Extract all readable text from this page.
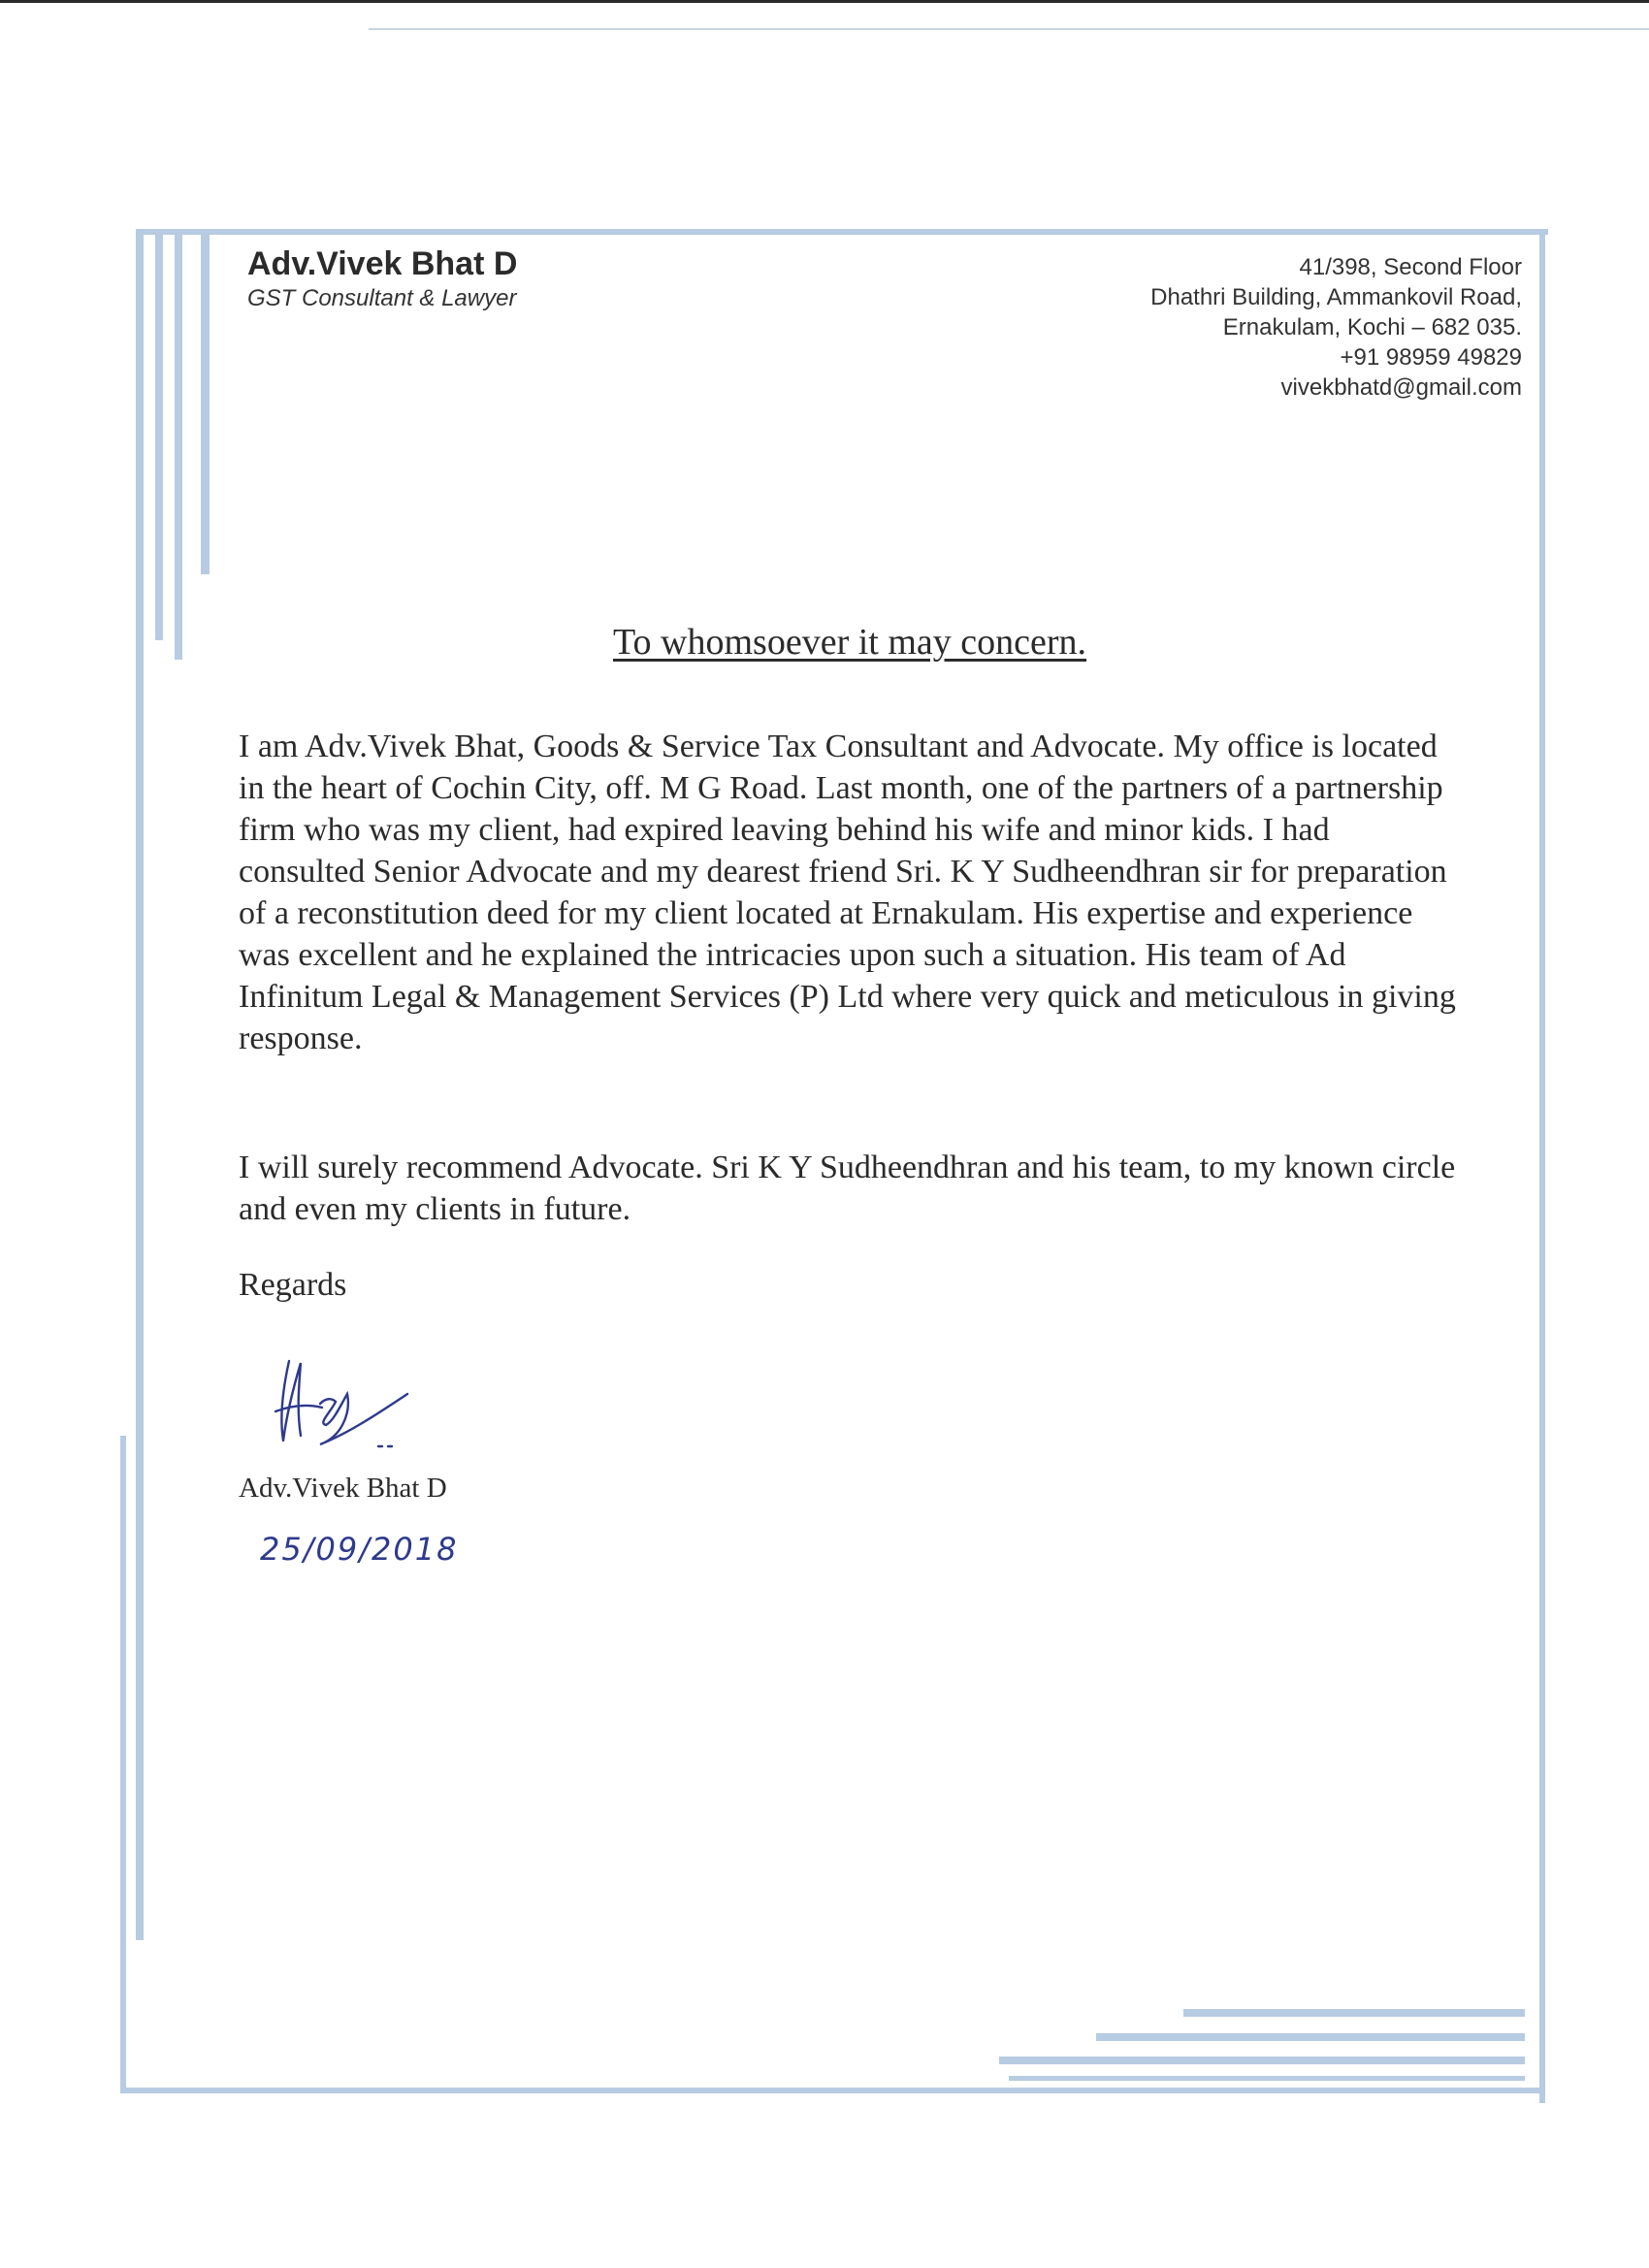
Adv.Vivek Bhat D
GST Consultant & Lawyer
41/398, Second Floor
Dhathri Building, Ammankovil Road,
Ernakulam, Kochi – 682 035.
+91 98959 49829
vivekbhatd@gmail.com
To whomsoever it may concern.
I am Adv.Vivek Bhat, Goods & Service Tax Consultant and Advocate. My office is located in the heart of Cochin City, off. M G Road. Last month, one of the partners of a partnership firm who was my client, had expired leaving behind his wife and minor kids. I had consulted Senior Advocate and my dearest friend Sri. K Y Sudheendhran sir for preparation of a reconstitution deed for my client located at Ernakulam. His expertise and experience was excellent and he explained the intricacies upon such a situation. His team of Ad Infinitum Legal & Management Services (P) Ltd where very quick and meticulous in giving response.
I will surely recommend Advocate. Sri K Y Sudheendhran and his team, to my known circle and even my clients in future.
Regards
Adv.Vivek Bhat D
25/09/2018
